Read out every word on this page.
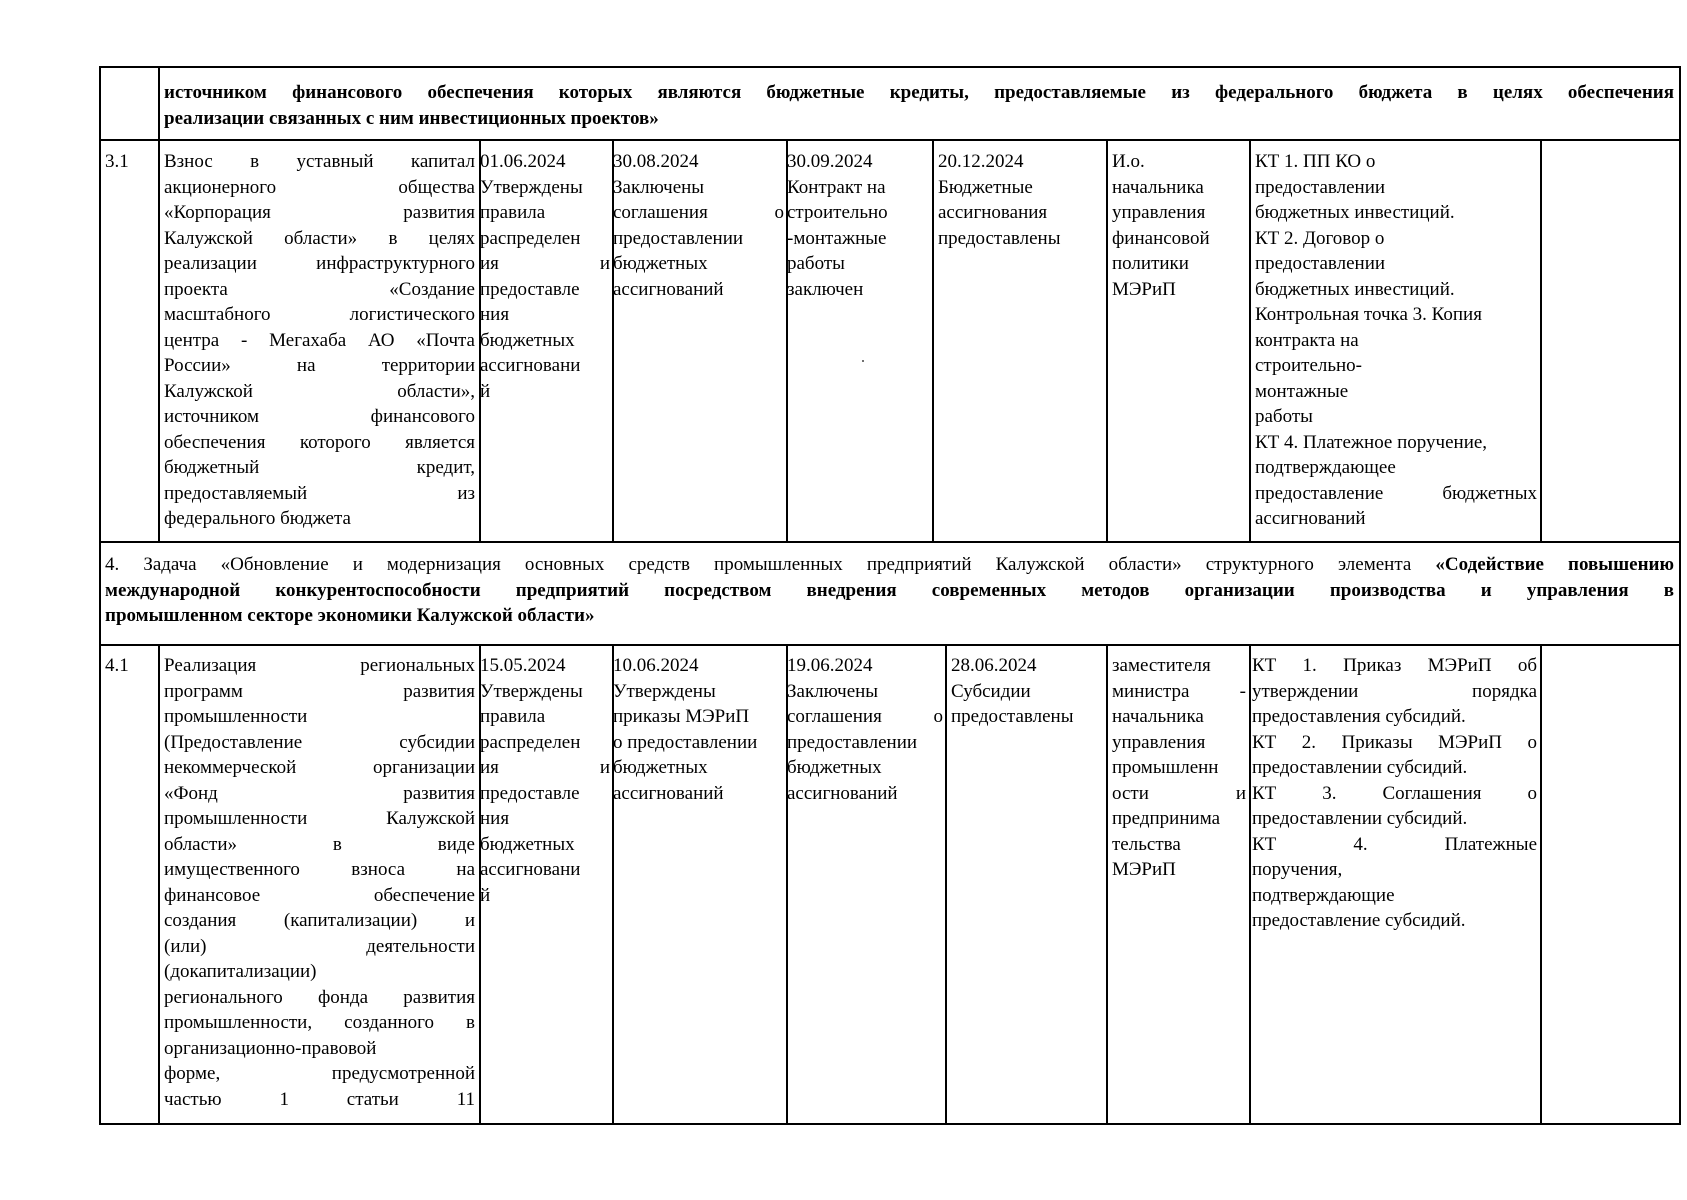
источником финансового обеспечения которых являются бюджетные кредиты, предоставляемые из федерального бюджета в целях обеспечения
реализации связанных с ним инвестиционных проектов»
3.1 Взнос в уставный капитал
акционерного общества
«Корпорация развития
Калужской области» в целях
реализации инфраструктурного
проекта «Создание
масштабного логистического
центра - Мегахаба АО «Почта
России» на территории
Калужской области»,
источником финансового
обеспечения которого является
бюджетный кредит,
предоставляемый из
федерального бюджета
01.06.2024
Утверждены
правила
распределен
ия и
предоставле
ния
бюджетных
ассигновани
й
30.08.2024
Заключены
соглашения о
предоставлении
бюджетных
ассигнований
30.09.2024
Контракт на
строительно
-монтажные
работы
заключен
20.12.2024
Бюджетные
ассигнования
предоставлены
И.о.
начальника
управления
финансовой
политики
МЭРиП
КТ 1. ПП КО о
предоставлении
бюджетных инвестиций.
КТ 2. Договор о
предоставлении
бюджетных инвестиций.
Контрольная точка 3. Копия
контракта на
строительно-
монтажные
работы
КТ 4. Платежное поручение,
подтверждающее
предоставление бюджетных
ассигнований
4. Задача «Обновление и модернизация основных средств промышленных предприятий Калужской области» структурного элемента «Содействие повышению
международной конкурентоспособности предприятий посредством внедрения современных методов организации производства и управления в
промышленном секторе экономики Калужской области»
4.1 Реализация региональных
программ развития
промышленности
(Предоставление субсидии
некоммерческой организации
«Фонд развития
промышленности Калужской
области» в виде
имущественного взноса на
финансовое обеспечение
создания (капитализации) и
(или) деятельности
(докапитализации)
регионального фонда развития
промышленности, созданного в
организационно-правовой
форме, предусмотренной
частью 1 статьи 11
15.05.2024
Утверждены
правила
распределен
ия и
предоставле
ния
бюджетных
ассигновани
й
10.06.2024
Утверждены
приказы МЭРиП
о предоставлении
бюджетных
ассигнований
19.06.2024
Заключены
соглашения о
предоставлении
бюджетных
ассигнований
28.06.2024
Субсидии
предоставлены
заместителя
министра -
начальника
управления
промышленн
ости и
предпринима
тельства
МЭРиП
КТ 1. Приказ МЭРиП об
утверждении порядка
предоставления субсидий.
КТ 2. Приказы МЭРиП о
предоставлении субсидий.
КТ 3. Соглашения о
предоставлении субсидий.
КТ 4. Платежные
поручения,
подтверждающие
предоставление субсидий.
